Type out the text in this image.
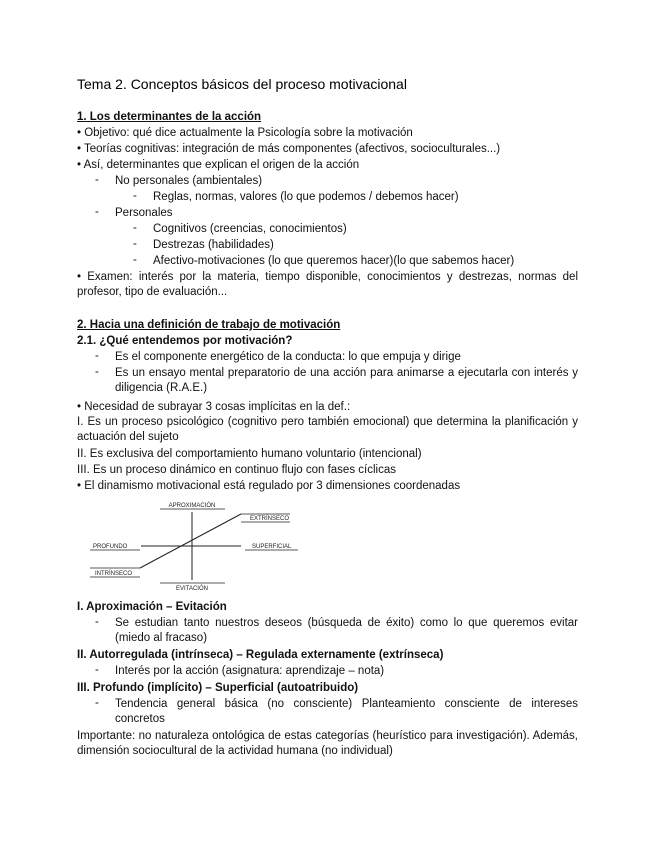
Tema 2. Conceptos básicos del proceso motivacional
1. Los determinantes de la acción
• Objetivo: qué dice actualmente la Psicología sobre la motivación
• Teorías cognitivas: integración de más componentes (afectivos, socioculturales...)
• Así, determinantes que explican el origen de la acción
- No personales (ambientales)
- Reglas, normas, valores (lo que podemos / debemos hacer)
- Personales
- Cognitivos (creencias, conocimientos)
- Destrezas (habilidades)
- Afectivo-motivaciones (lo que queremos hacer)(lo que sabemos hacer)
• Examen: interés por la materia, tiempo disponible, conocimientos y destrezas, normas del profesor, tipo de evaluación...
2. Hacia una definición de trabajo de motivación
2.1. ¿Qué entendemos por motivación?
- Es el componente energético de la conducta: lo que empuja y dirige
- Es un ensayo mental preparatorio de una acción para animarse a ejecutarla con interés y diligencia (R.A.E.)
• Necesidad de subrayar 3 cosas implícitas en la def.:
I. Es un proceso psicológico (cognitivo pero también emocional) que determina la planificación y actuación del sujeto
II. Es exclusiva del comportamiento humano voluntario (intencional)
III. Es un proceso dinámico en continuo flujo con fases cíclicas
• El dinamismo motivacional está regulado por 3 dimensiones coordenadas
APROXIMACIÓN
EVITACIÓN
PROFUNDO	SUPERFICIAL
EXTRÍNSECO
INTRÍNSECO
I. Aproximación – Evitación
- Se estudian tanto nuestros deseos (búsqueda de éxito) como lo que queremos evitar (miedo al fracaso)
II. Autorregulada (intrínseca) – Regulada externamente (extrínseca)
- Interés por la acción (asignatura: aprendizaje – nota)
III. Profundo (implícito) – Superficial (autoatribuido)
- Tendencia general básica (no consciente) Planteamiento consciente de intereses concretos
Importante: no naturaleza ontológica de estas categorías (heurístico para investigación). Además, dimensión sociocultural de la actividad humana (no individual)
